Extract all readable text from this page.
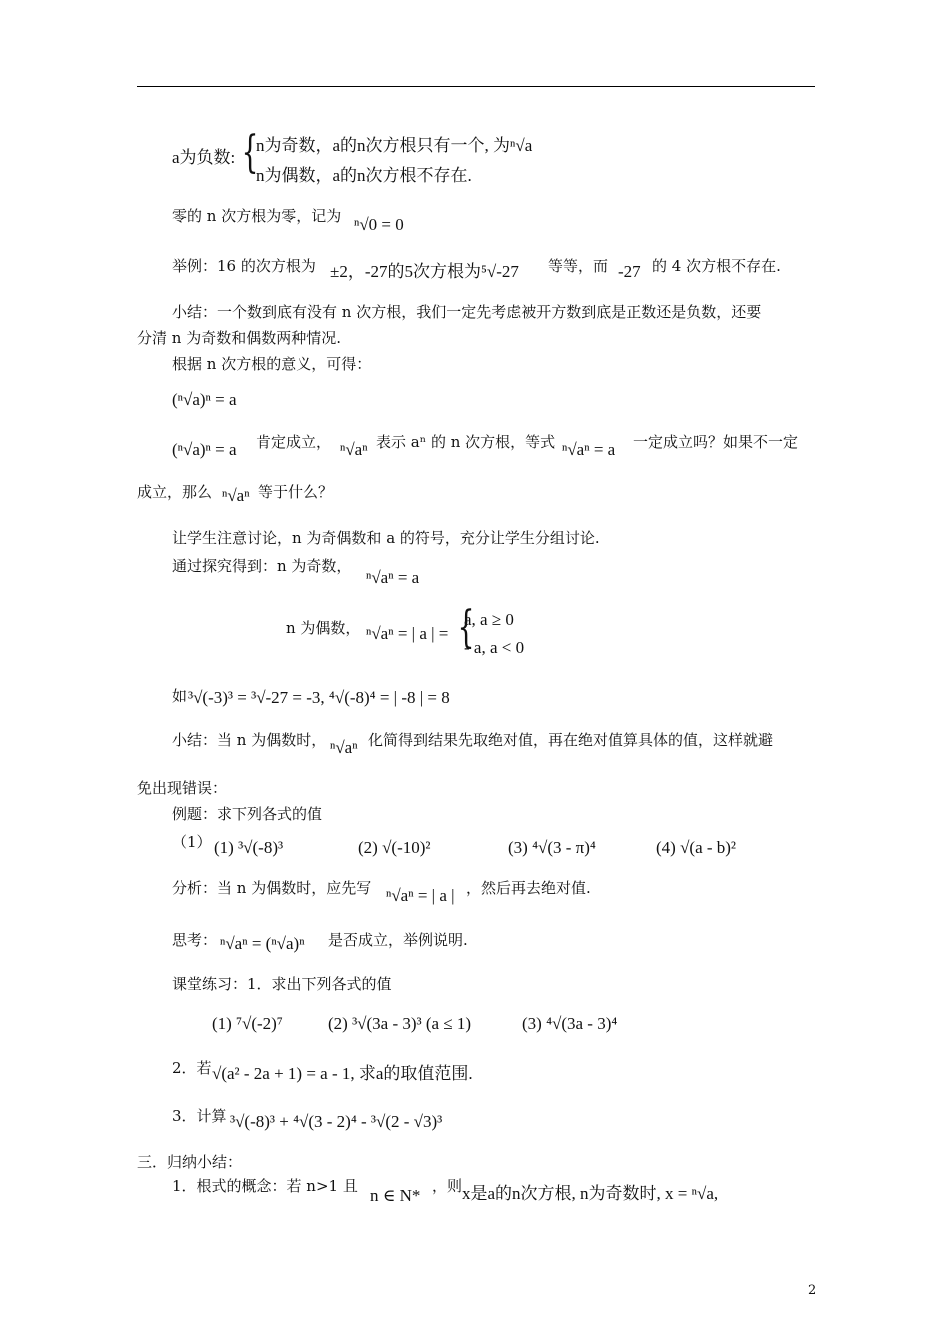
a为负数: {
n为奇数，a的n次方根只有一个, 为ⁿ√a
n为偶数，a的n次方根不存在.
零的 n 次方根为零，记为 ⁿ√0 = 0
举例：16 的次方根为 ±2，-27的5次方根为⁵√-27 等等，而 -27 的 4 次方根不存在.
小结：一个数到底有没有 n 次方根，我们一定先考虑被开方数到底是正数还是负数，还要
分清 n 为奇数和偶数两种情况.
根据 n 次方根的意义，可得：
(ⁿ√a)ⁿ = a
(ⁿ√a)ⁿ = a 肯定成立， ⁿ√aⁿ 表示 aⁿ 的 n 次方根，等式 ⁿ√aⁿ = a 一定成立吗？如果不一定
成立，那么 ⁿ√aⁿ 等于什么？
让学生注意讨论，n 为奇偶数和 a 的符号，充分让学生分组讨论.
通过探究得到：n 为奇数，
ⁿ√aⁿ = a
n 为偶数， ⁿ√aⁿ = | a | = {
a, a ≥ 0
- a, a < 0
如 ³√(-3)³ = ³√-27 = -3, ⁴√(-8)⁴ = | -8 | = 8
小结：当 n 为偶数时， ⁿ√aⁿ 化简得到结果先取绝对值，再在绝对值算具体的值，这样就避
免出现错误：
例题：求下列各式的值
（1） (1) ³√(-8)³	(2) √(-10)²	(3) ⁴√(3 - π)⁴	(4) √(a - b)²
分析：当 n 为偶数时，应先写 ⁿ√aⁿ = | a | ，然后再去绝对值.
思考： ⁿ√aⁿ = (ⁿ√a)ⁿ 是否成立，举例说明.
课堂练习：1．求出下列各式的值
(1) ⁷√(-2)⁷	(2) ³√(3a - 3)³ (a ≤ 1)	(3) ⁴√(3a - 3)⁴
2．若 √(a² - 2a + 1) = a - 1, 求a的取值范围.
3．计算 ³√(-8)³ + ⁴√(3 - 2)⁴ - ³√(2 - √3)³
三．归纳小结：
1．根式的概念：若 n>1 且 n ∈ N* ，则 x是a的n次方根, n为奇数时, x = ⁿ√a,
2
